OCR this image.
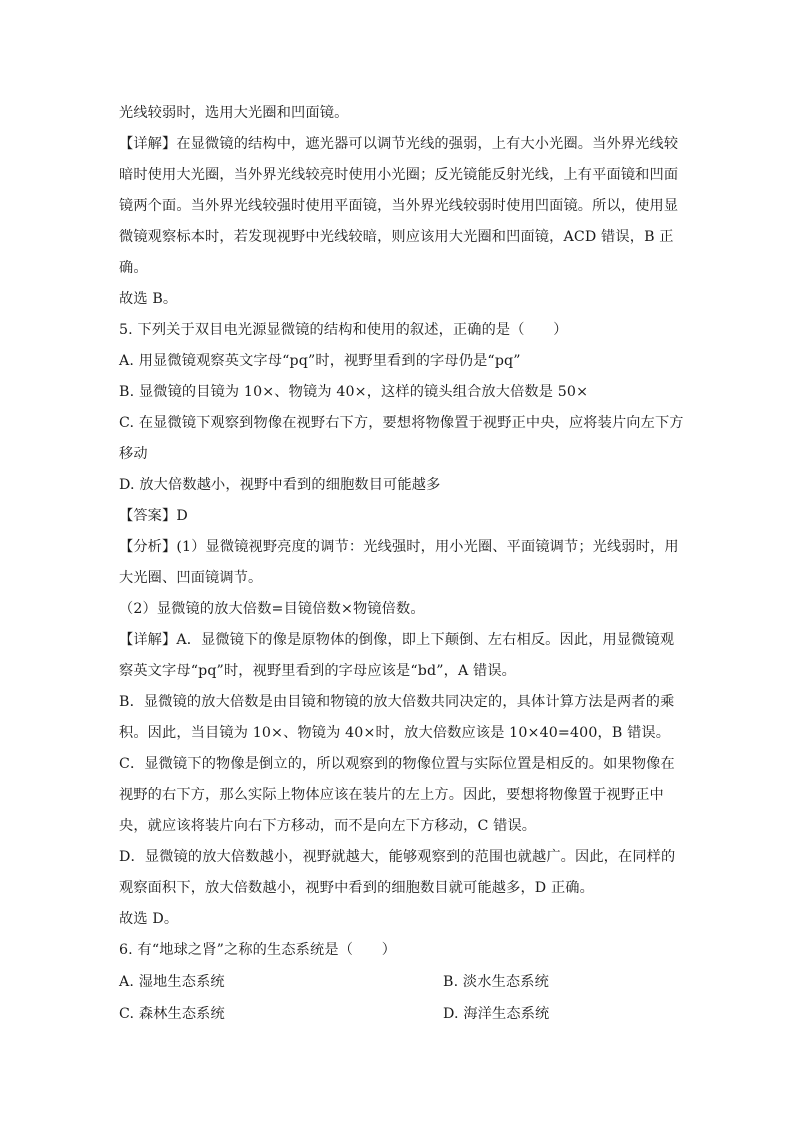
光线较弱时，选用大光圈和凹面镜。
【详解】在显微镜的结构中，遮光器可以调节光线的强弱，上有大小光圈。当外界光线较
暗时使用大光圈，当外界光线较亮时使用小光圈；反光镜能反射光线，上有平面镜和凹面
镜两个面。当外界光线较强时使用平面镜，当外界光线较弱时使用凹面镜。所以，使用显
微镜观察标本时，若发现视野中光线较暗，则应该用大光圈和凹面镜，ACD 错误，B 正
确。
故选 B。
5. 下列关于双目电光源显微镜的结构和使用的叙述，正确的是（　　）
A. 用显微镜观察英文字母“pq”时，视野里看到的字母仍是“pq”
B. 显微镜的目镜为 10×、物镜为 40×，这样的镜头组合放大倍数是 50×
C. 在显微镜下观察到物像在视野右下方，要想将物像置于视野正中央，应将装片向左下方
移动
D. 放大倍数越小，视野中看到的细胞数目可能越多
【答案】D
【分析】(1）显微镜视野亮度的调节：光线强时，用小光圈、平面镜调节；光线弱时，用
大光圈、凹面镜调节。
（2）显微镜的放大倍数=目镜倍数×物镜倍数。
【详解】A．显微镜下的像是原物体的倒像，即上下颠倒、左右相反。因此，用显微镜观
察英文字母“pq”时，视野里看到的字母应该是“bd”，A 错误。
B．显微镜的放大倍数是由目镜和物镜的放大倍数共同决定的，具体计算方法是两者的乘
积。因此，当目镜为 10×、物镜为 40×时，放大倍数应该是 10×40=400，B 错误。
C．显微镜下的物像是倒立的，所以观察到的物像位置与实际位置是相反的。如果物像在
视野的右下方，那么实际上物体应该在装片的左上方。因此，要想将物像置于视野正中
央，就应该将装片向右下方移动，而不是向左下方移动，C 错误。
D．显微镜的放大倍数越小，视野就越大，能够观察到的范围也就越广。因此，在同样的
观察面积下，放大倍数越小，视野中看到的细胞数目就可能越多，D 正确。
故选 D。
6. 有“地球之肾”之称的生态系统是（　　）
A. 湿地生态系统	B. 淡水生态系统
C. 森林生态系统	D. 海洋生态系统
